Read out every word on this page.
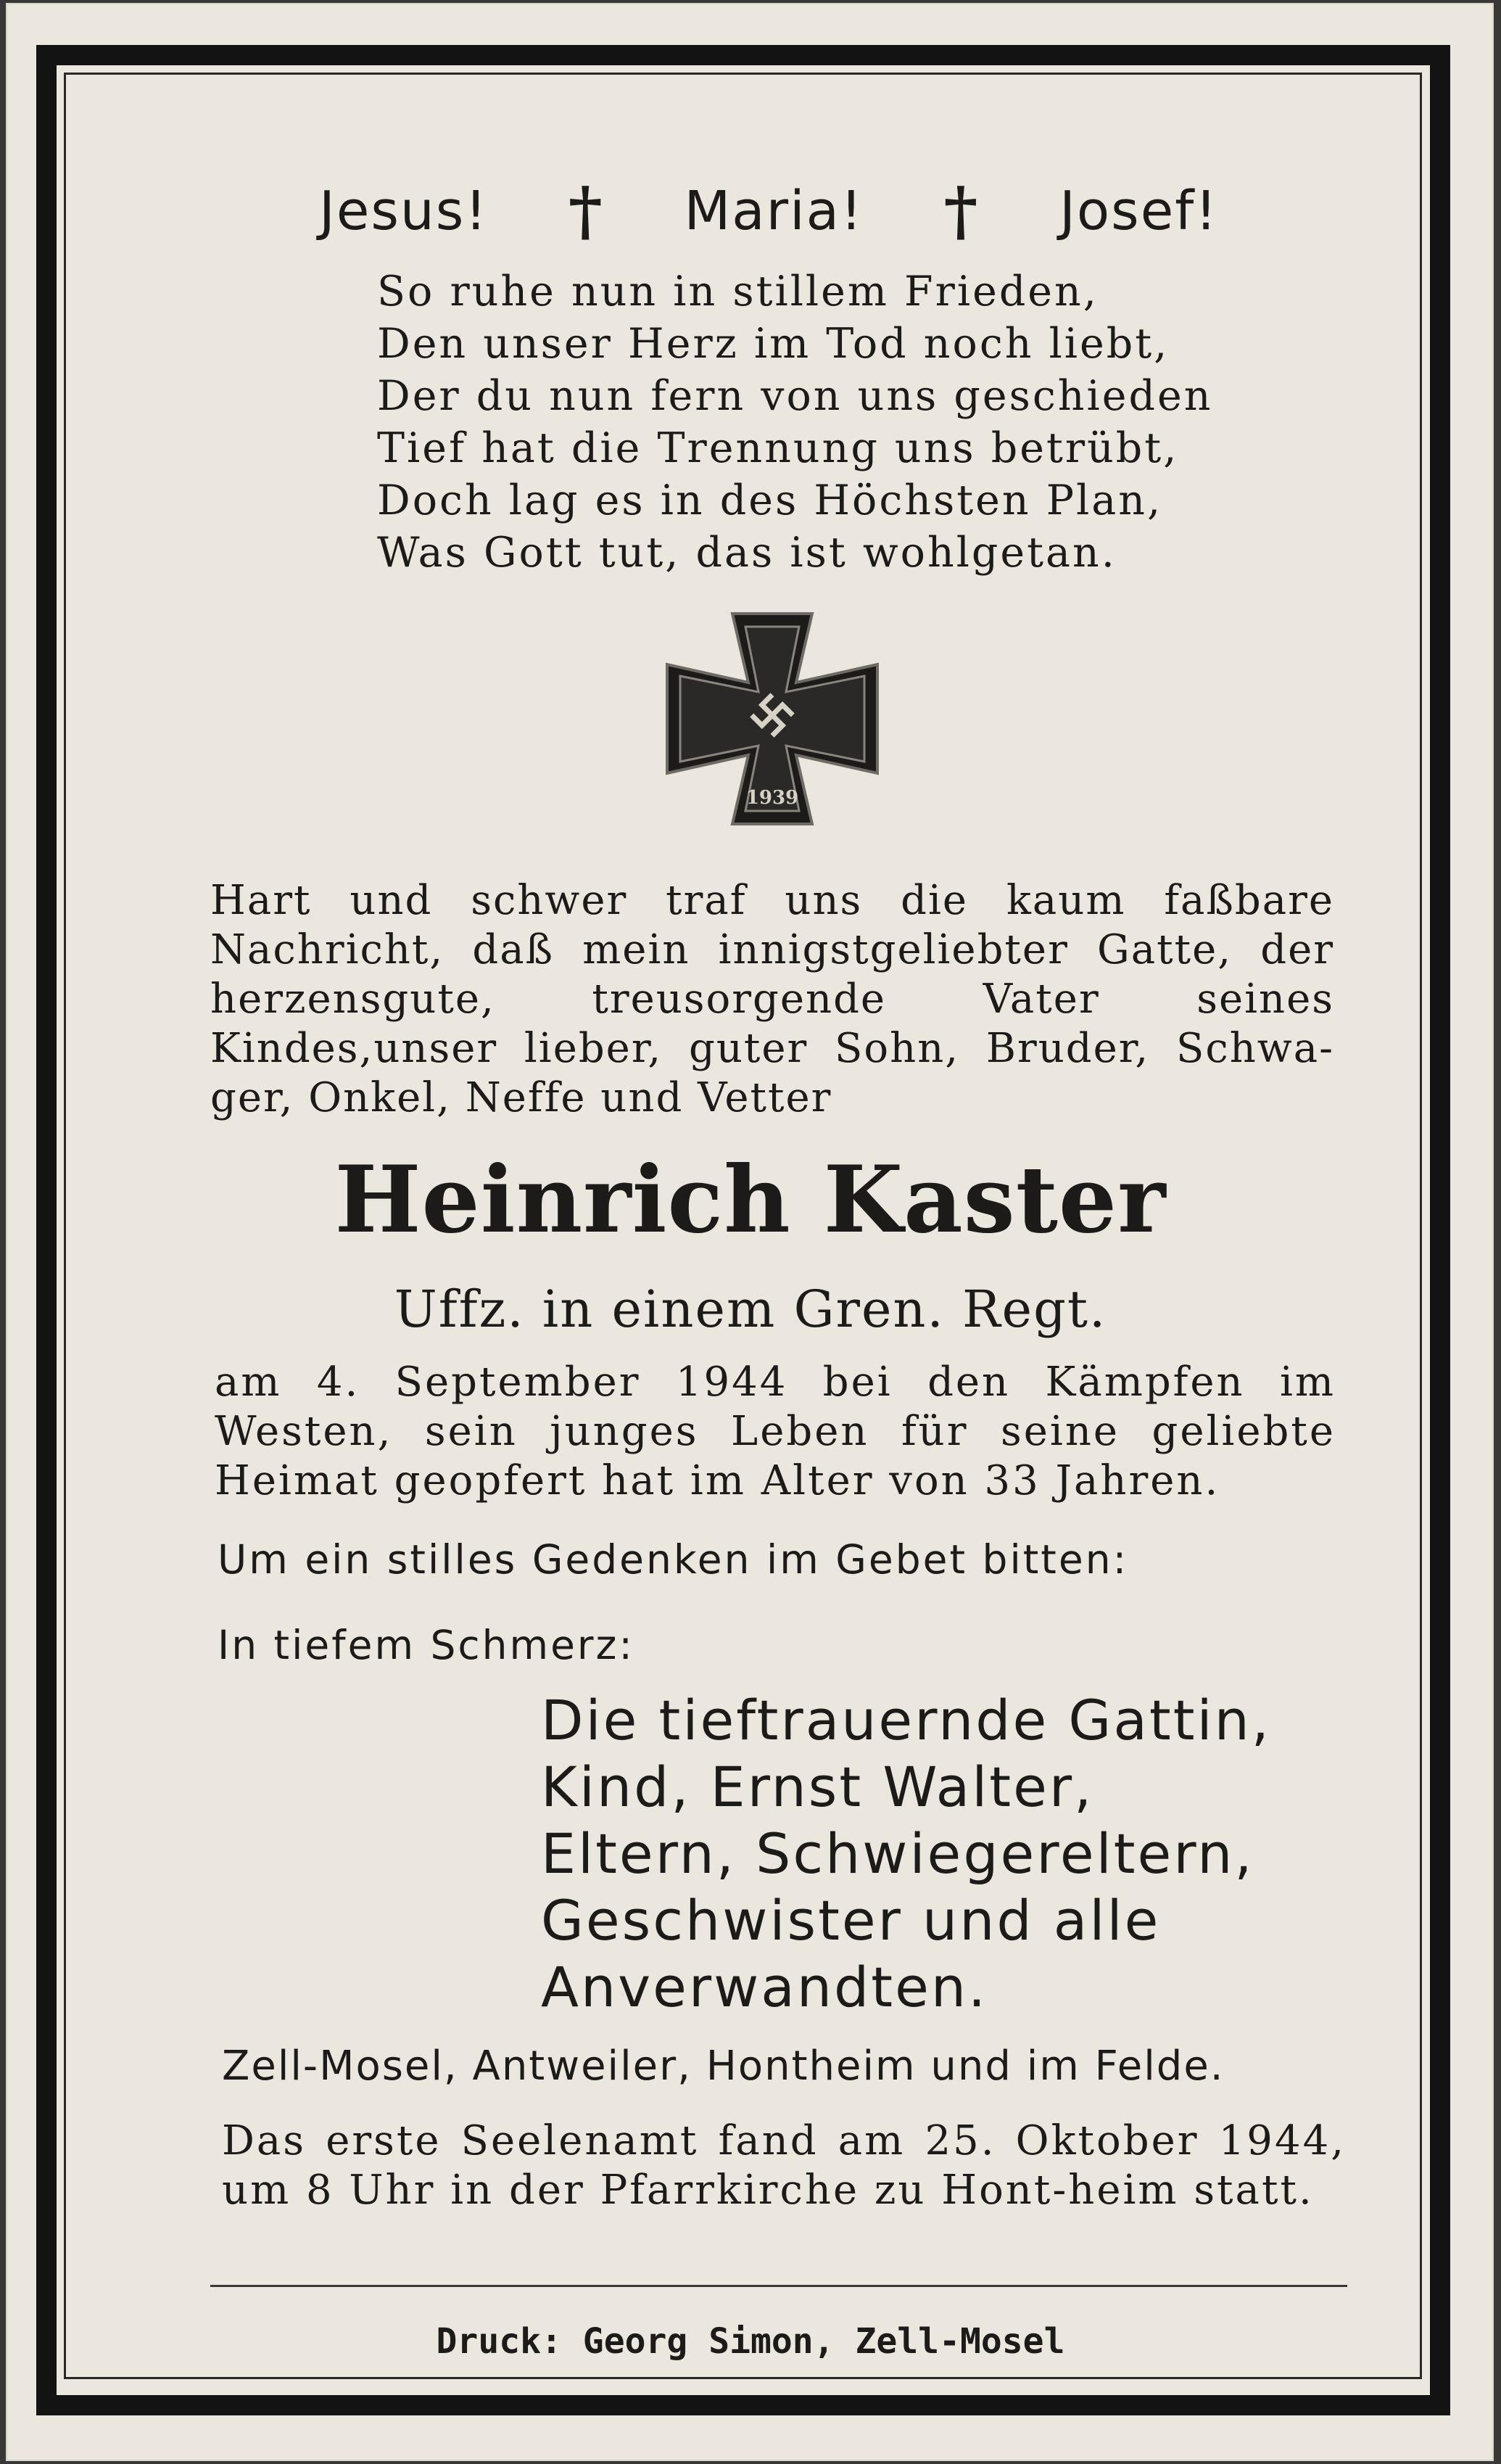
Jesus! † Maria! † Josef!
So ruhe nun in stillem Frieden,
Den unser Herz im Tod noch liebt,
Der du nun fern von uns geschieden
Tief hat die Trennung uns betrübt,
Doch lag es in des Höchsten Plan,
Was Gott tut, das ist wohlgetan.
1939
Hart und schwer traf uns die kaum faßbare Nachricht, daß mein innigstgeliebter Gatte, der herzensgute, treusorgende Vater seines Kindes,unser lieber, guter Sohn, Bruder, Schwa-ger, Onkel, Neffe und Vetter
Heinrich Kaster
Uffz. in einem Gren. Regt.
am 4. September 1944 bei den Kämpfen im Westen, sein junges Leben für seine geliebte Heimat geopfert hat im Alter von 33 Jahren.
Um ein stilles Gedenken im Gebet bitten:
In tiefem Schmerz:
Die tieftrauernde Gattin,
Kind, Ernst Walter,
Eltern, Schwiegereltern,
Geschwister und alle
Anverwandten.
Zell-Mosel, Antweiler, Hontheim und im Felde.
Das erste Seelenamt fand am 25. Oktober 1944, um 8 Uhr in der Pfarrkirche zu Hont-heim statt.
Druck: Georg Simon, Zell-Mosel
